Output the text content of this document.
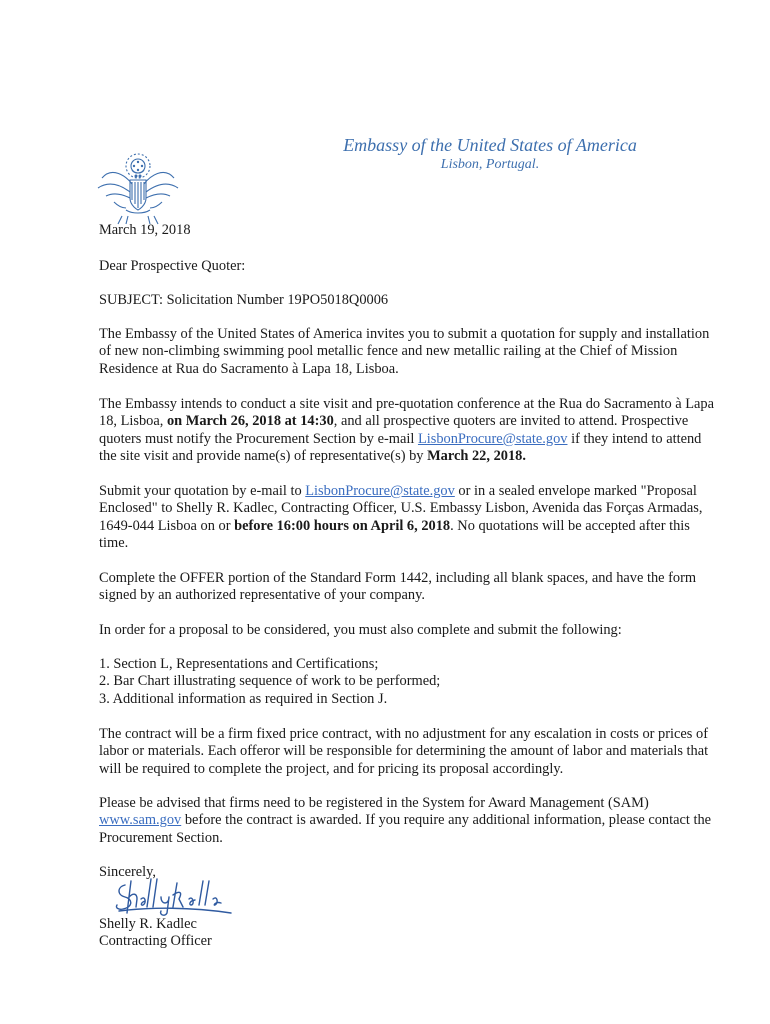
Embassy of the United States of America
Lisbon, Portugal.
March 19, 2018
Dear Prospective Quoter:
SUBJECT: Solicitation Number 19PO5018Q0006
The Embassy of the United States of America invites you to submit a quotation for supply and installation of new non-climbing swimming pool metallic fence and new metallic railing at the Chief of Mission Residence at Rua do Sacramento à Lapa 18, Lisboa.
The Embassy intends to conduct a site visit and pre-quotation conference at the Rua do Sacramento à Lapa 18, Lisboa, on March 26, 2018 at 14:30, and all prospective quoters are invited to attend. Prospective quoters must notify the Procurement Section by e-mail LisbonProcure@state.gov if they intend to attend the site visit and provide name(s) of representative(s) by March 22, 2018.
Submit your quotation by e-mail to LisbonProcure@state.gov or in a sealed envelope marked "Proposal Enclosed" to Shelly R. Kadlec, Contracting Officer, U.S. Embassy Lisbon, Avenida das Forças Armadas, 1649-044 Lisboa on or before 16:00 hours on April 6, 2018. No quotations will be accepted after this time.
Complete the OFFER portion of the Standard Form 1442, including all blank spaces, and have the form signed by an authorized representative of your company.
In order for a proposal to be considered, you must also complete and submit the following:
1. Section L, Representations and Certifications;
2. Bar Chart illustrating sequence of work to be performed;
3. Additional information as required in Section J.
The contract will be a firm fixed price contract, with no adjustment for any escalation in costs or prices of labor or materials. Each offeror will be responsible for determining the amount of labor and materials that will be required to complete the project, and for pricing its proposal accordingly.
Please be advised that firms need to be registered in the System for Award Management (SAM) www.sam.gov before the contract is awarded. If you require any additional information, please contact the Procurement Section.
Sincerely,
Shelly R. Kadlec
Contracting Officer
